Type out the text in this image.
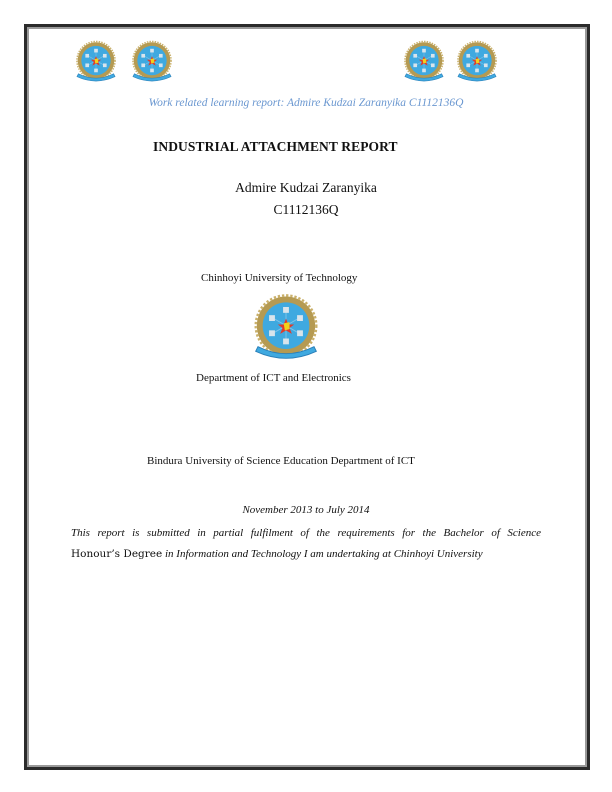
Work related learning report: Admire Kudzai Zaranyika C1112136Q
INDUSTRIAL ATTACHMENT REPORT
Admire Kudzai Zaranyika
C1112136Q
Chinhoyi University of Technology
Department of ICT and Electronics
Bindura University of Science Education Department of ICT
November 2013 to July 2014
This report is submitted in partial fulfilment of the requirements for the Bachelor of Science
Honour’s Degree in Information and Technology I am undertaking at Chinhoyi University
